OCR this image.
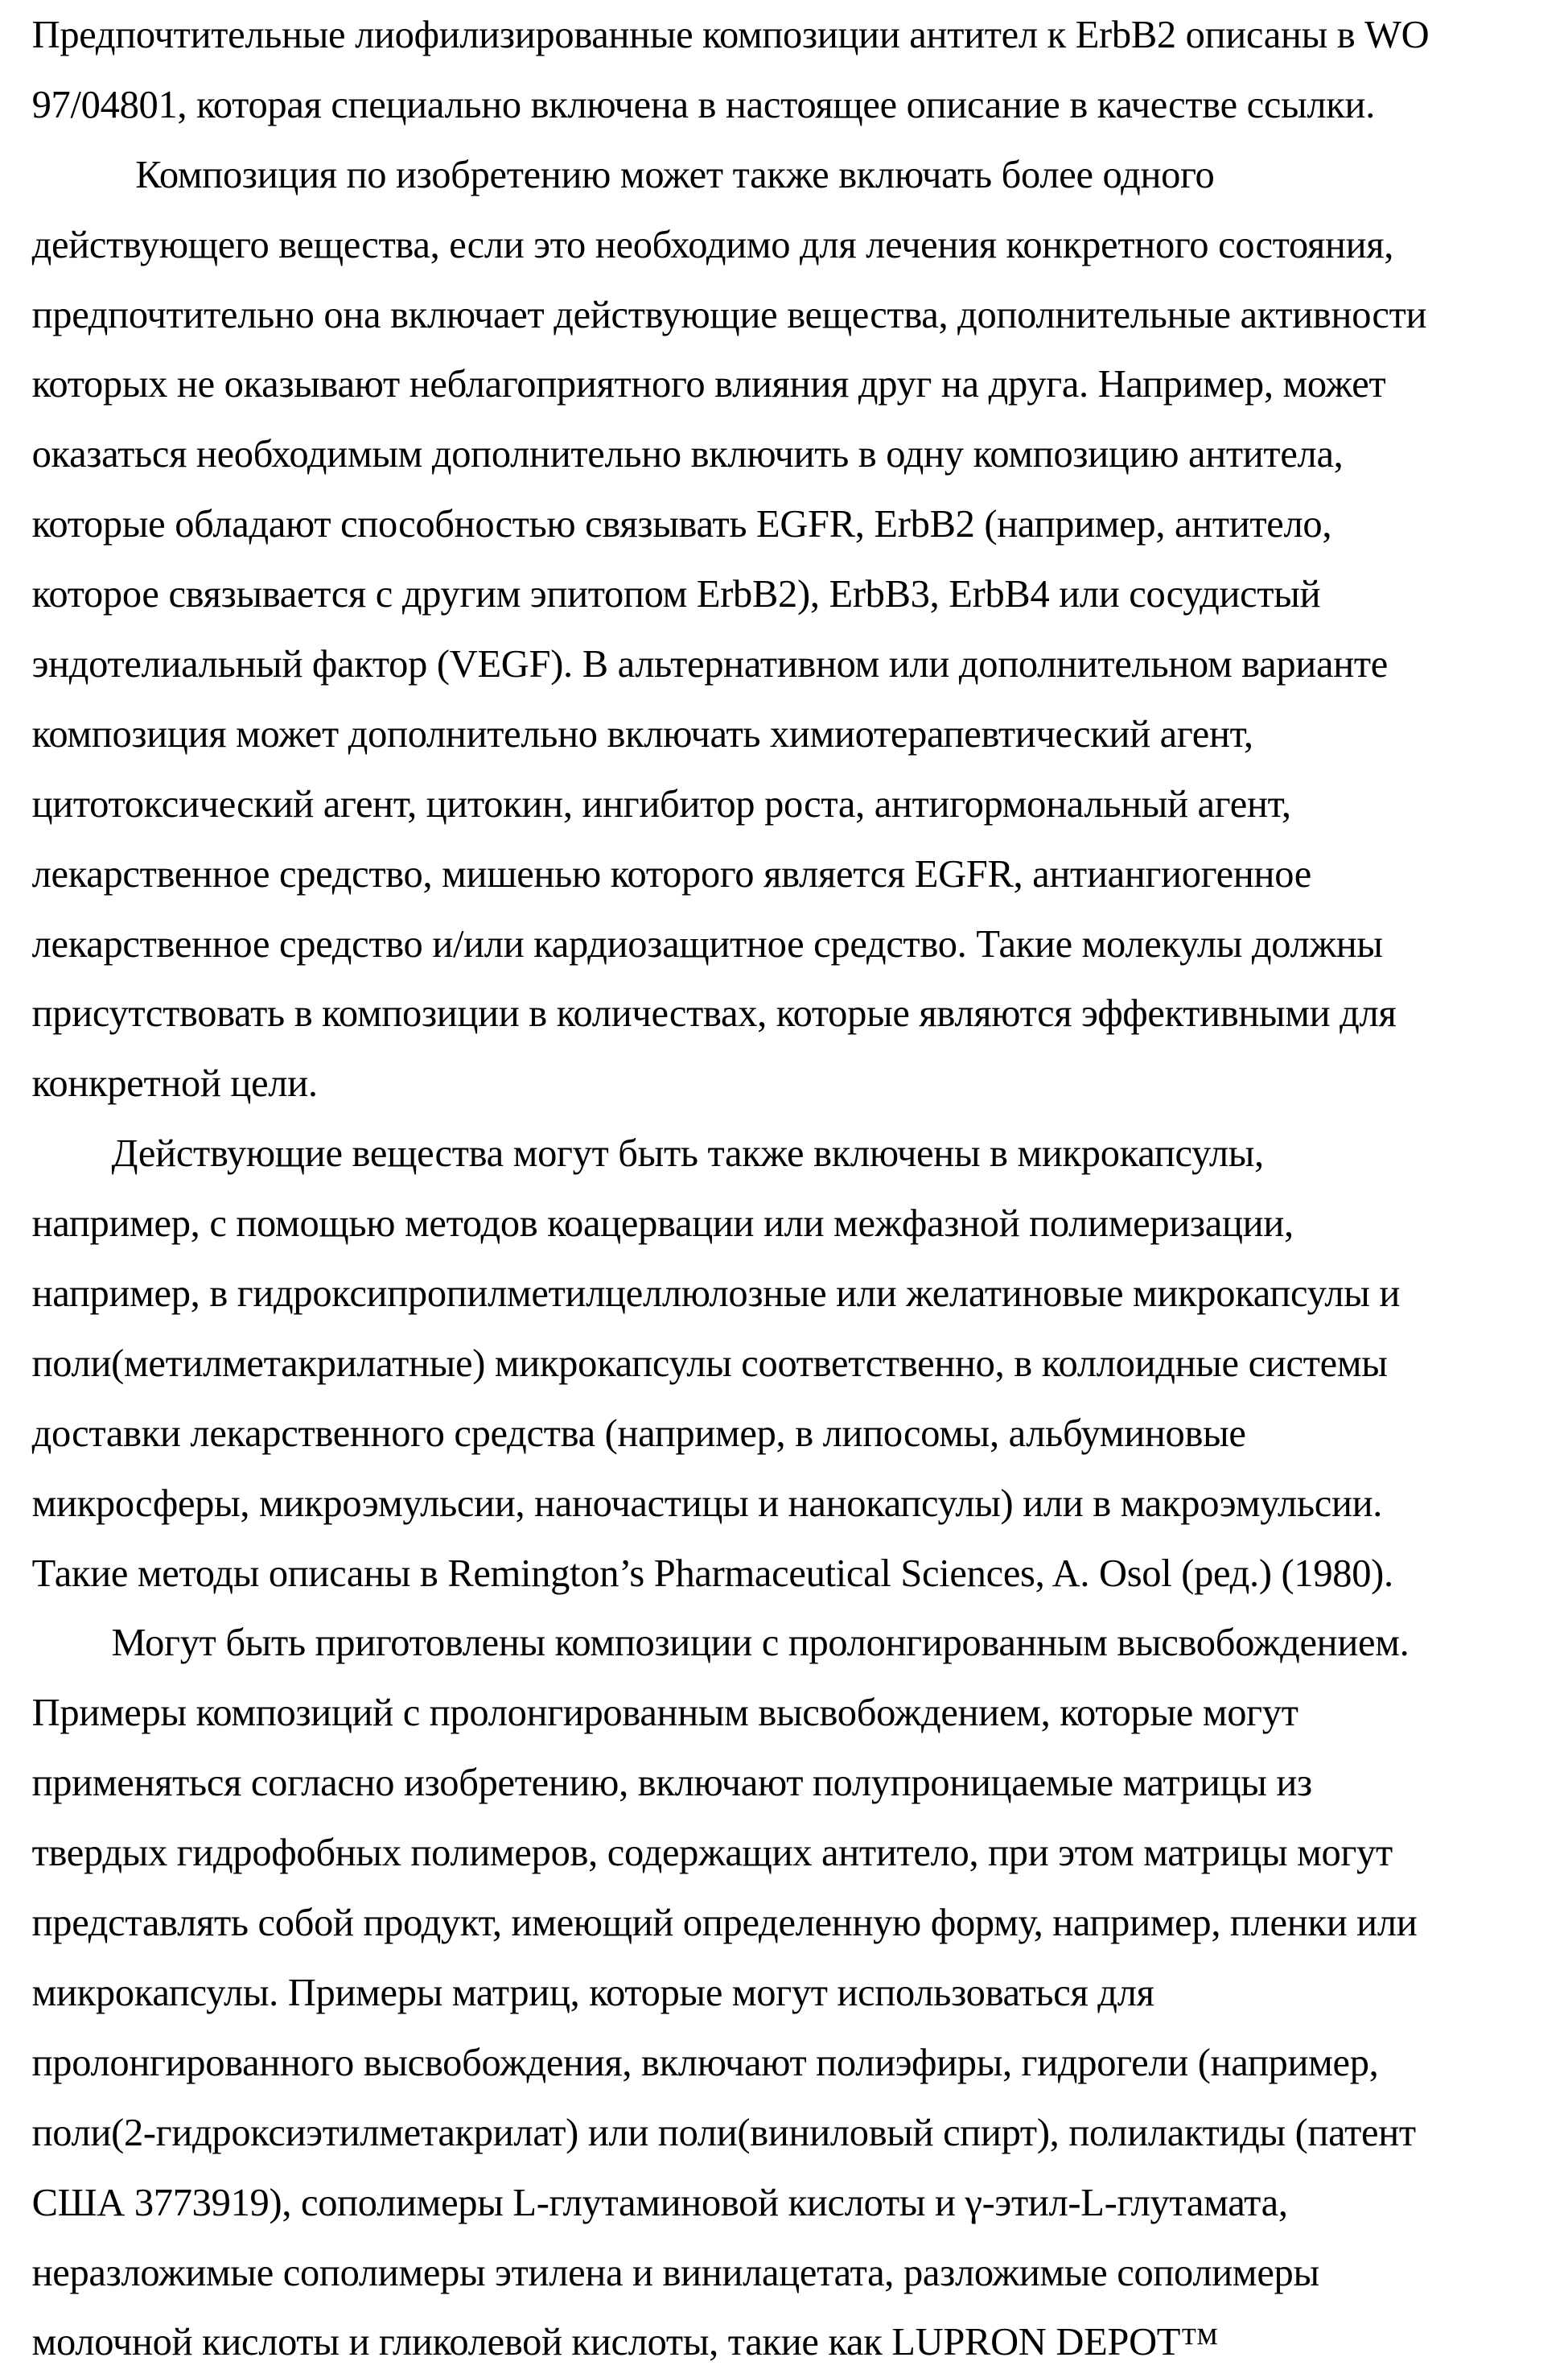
Предпочтительные лиофилизированные композиции антител к ErbB2 описаны в WO
97/04801, которая специально включена в настоящее описание в качестве ссылки.
Композиция по изобретению может также включать более одного
действующего вещества, если это необходимо для лечения конкретного состояния,
предпочтительно она включает действующие вещества, дополнительные активности
которых не оказывают неблагоприятного влияния друг на друга. Например, может
оказаться необходимым дополнительно включить в одну композицию антитела,
которые обладают способностью связывать EGFR, ErbB2 (например, антитело,
которое связывается с другим эпитопом ErbB2), ErbB3, ErbB4 или сосудистый
эндотелиальный фактор (VEGF). В альтернативном или дополнительном варианте
композиция может дополнительно включать химиотерапевтический агент,
цитотоксический агент, цитокин, ингибитор роста, антигормональный агент,
лекарственное средство, мишенью которого является EGFR, антиангиогенное
лекарственное средство и/или кардиозащитное средство. Такие молекулы должны
присутствовать в композиции в количествах, которые являются эффективными для
конкретной цели.
Действующие вещества могут быть также включены в микрокапсулы,
например, с помощью методов коацервации или межфазной полимеризации,
например, в гидроксипропилметилцеллюлозные или желатиновые микрокапсулы и
поли(метилметакрилатные) микрокапсулы соответственно, в коллоидные системы
доставки лекарственного средства (например, в липосомы, альбуминовые
микросферы, микроэмульсии, наночастицы и нанокапсулы) или в макроэмульсии.
Такие методы описаны в Remington’s Pharmaceutical Sciences, A. Osol (ред.) (1980).
Могут быть приготовлены композиции с пролонгированным высвобождением.
Примеры композиций с пролонгированным высвобождением, которые могут
применяться согласно изобретению, включают полупроницаемые матрицы из
твердых гидрофобных полимеров, содержащих антитело, при этом матрицы могут
представлять собой продукт, имеющий определенную форму, например, пленки или
микрокапсулы. Примеры матриц, которые могут использоваться для
пролонгированного высвобождения, включают полиэфиры, гидрогели (например,
поли(2-гидроксиэтилметакрилат) или поли(виниловый спирт), полилактиды (патент
США 3773919), сополимеры L-глутаминовой кислоты и γ-этил-L-глутамата,
неразложимые сополимеры этилена и винилацетата, разложимые сополимеры
молочной кислоты и гликолевой кислоты, такие как LUPRON DEPOT™
